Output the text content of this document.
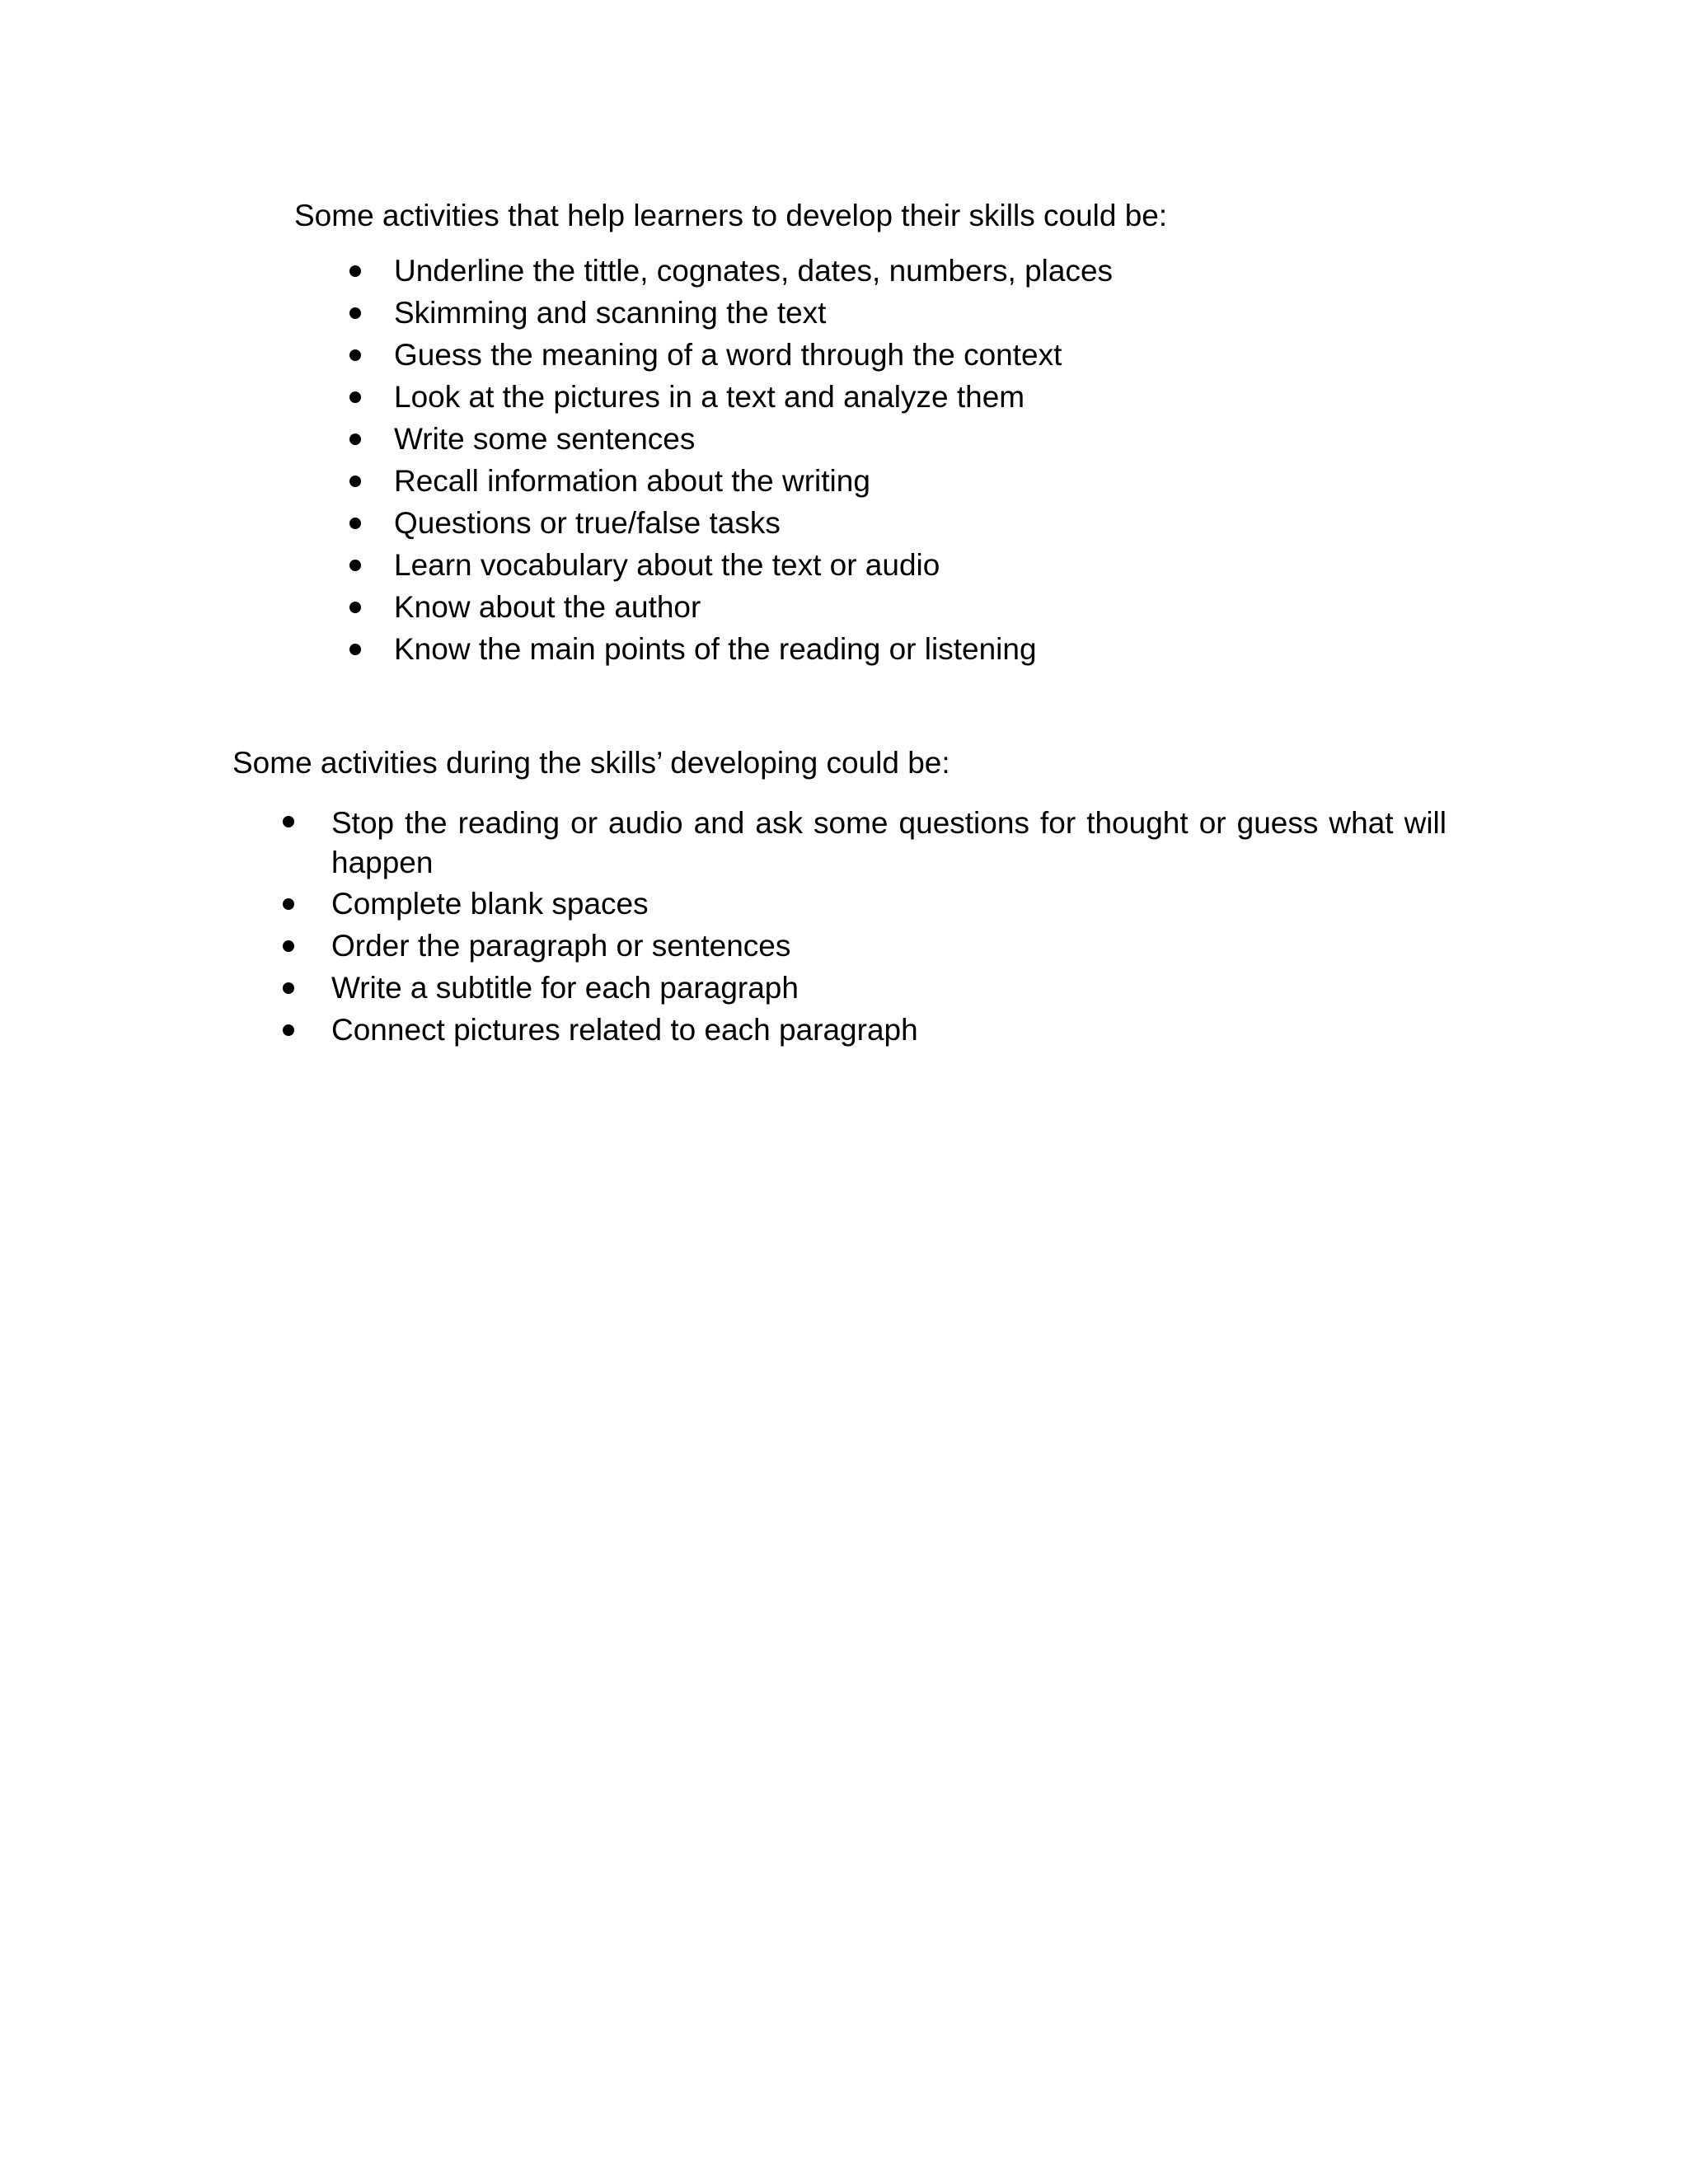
Some activities that help learners to develop their skills could be:
Underline the tittle, cognates, dates, numbers, places
Skimming and scanning the text
Guess the meaning of a word through the context
Look at the pictures in a text and analyze them
Write some sentences
Recall information about the writing
Questions or true/false tasks
Learn vocabulary about the text or audio
Know about the author
Know the main points of the reading or listening
Some activities during the skills’ developing could be:
Stop the reading or audio and ask some questions for thought or guess what will happen
Complete blank spaces
Order the paragraph or sentences
Write a subtitle for each paragraph
Connect pictures related to each paragraph
